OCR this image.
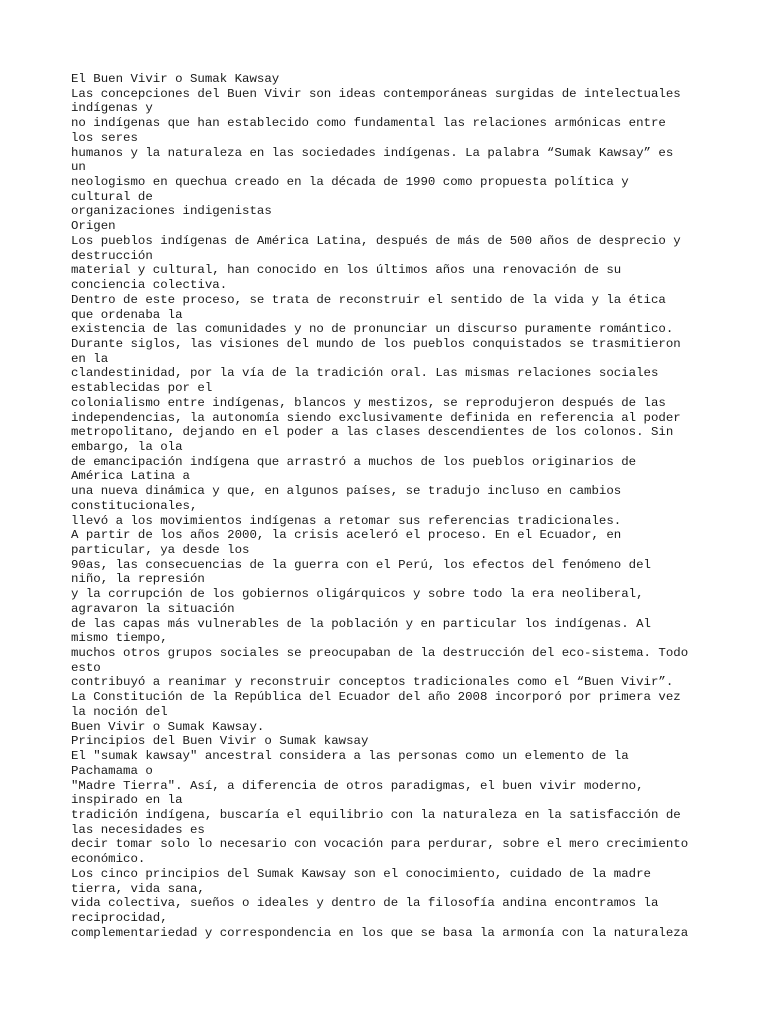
El Buen Vivir o Sumak Kawsay
Las concepciones del Buen Vivir son ideas contemporáneas surgidas de intelectuales
indígenas y
no indígenas que han establecido como fundamental las relaciones armónicas entre
los seres
humanos y la naturaleza en las sociedades indígenas. La palabra “Sumak Kawsay” es
un
neologismo en quechua creado en la década de 1990 como propuesta política y
cultural de
organizaciones indigenistas
Origen
Los pueblos indígenas de América Latina, después de más de 500 años de desprecio y
destrucción
material y cultural, han conocido en los últimos años una renovación de su
conciencia colectiva.
Dentro de este proceso, se trata de reconstruir el sentido de la vida y la ética
que ordenaba la
existencia de las comunidades y no de pronunciar un discurso puramente romántico.
Durante siglos, las visiones del mundo de los pueblos conquistados se trasmitieron
en la
clandestinidad, por la vía de la tradición oral. Las mismas relaciones sociales
establecidas por el
colonialismo entre indígenas, blancos y mestizos, se reprodujeron después de las
independencias, la autonomía siendo exclusivamente definida en referencia al poder
metropolitano, dejando en el poder a las clases descendientes de los colonos. Sin
embargo, la ola
de emancipación indígena que arrastró a muchos de los pueblos originarios de
América Latina a
una nueva dinámica y que, en algunos países, se tradujo incluso en cambios
constitucionales,
llevó a los movimientos indígenas a retomar sus referencias tradicionales.
A partir de los años 2000, la crisis aceleró el proceso. En el Ecuador, en
particular, ya desde los
90as, las consecuencias de la guerra con el Perú, los efectos del fenómeno del
niño, la represión
y la corrupción de los gobiernos oligárquicos y sobre todo la era neoliberal,
agravaron la situación
de las capas más vulnerables de la población y en particular los indígenas. Al
mismo tiempo,
muchos otros grupos sociales se preocupaban de la destrucción del eco-sistema. Todo
esto
contribuyó a reanimar y reconstruir conceptos tradicionales como el “Buen Vivir”.
La Constitución de la República del Ecuador del año 2008 incorporó por primera vez
la noción del
Buen Vivir o Sumak Kawsay.
Principios del Buen Vivir o Sumak kawsay
El "sumak kawsay" ancestral considera a las personas como un elemento de la
Pachamama o
"Madre Tierra". Así, a diferencia de otros paradigmas, el buen vivir moderno,
inspirado en la
tradición indígena, buscaría el equilibrio con la naturaleza en la satisfacción de
las necesidades es
decir tomar solo lo necesario con vocación para perdurar, sobre el mero crecimiento
económico.
Los cinco principios del Sumak Kawsay son el conocimiento, cuidado de la madre
tierra, vida sana,
vida colectiva, sueños o ideales y dentro de la filosofía andina encontramos la
reciprocidad,
complementariedad y correspondencia en los que se basa la armonía con la naturaleza
